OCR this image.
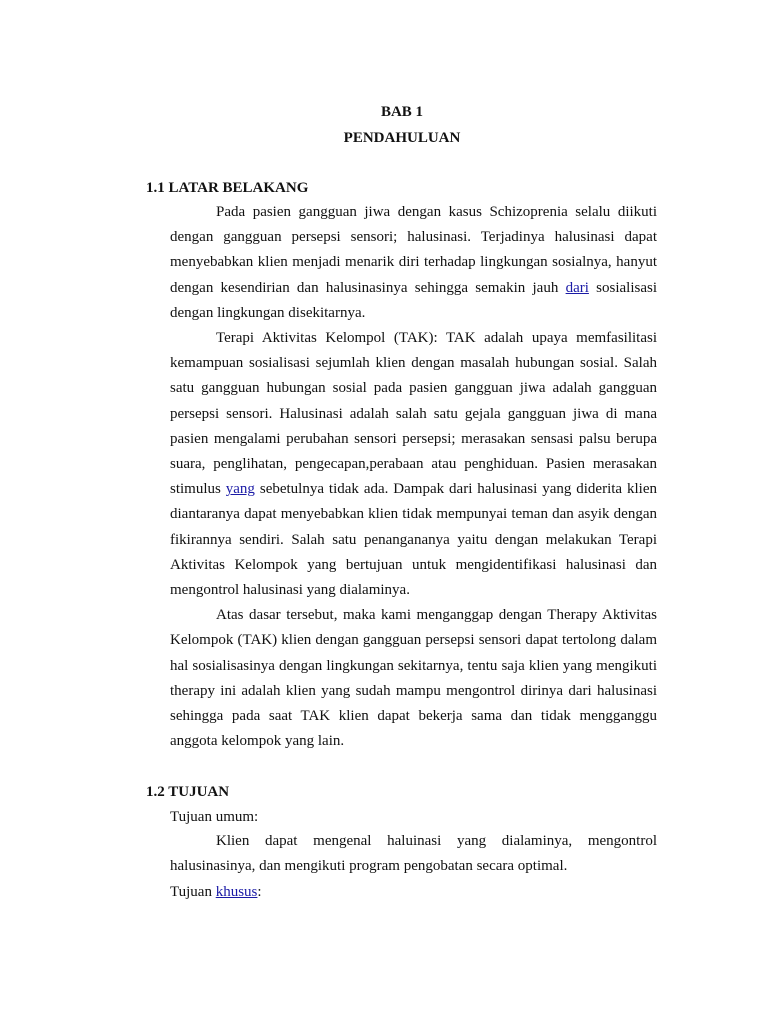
BAB 1
PENDAHULUAN
1.1 LATAR BELAKANG

Pada pasien gangguan jiwa dengan kasus Schizoprenia selalu diikuti dengan gangguan persepsi sensori; halusinasi. Terjadinya halusinasi dapat menyebabkan klien menjadi menarik diri terhadap lingkungan sosialnya, hanyut dengan kesendirian dan halusinasinya sehingga semakin jauh dari sosialisasi dengan lingkungan disekitarnya.

Terapi Aktivitas Kelompol (TAK): TAK adalah upaya memfasilitasi kemampuan sosialisasi sejumlah klien dengan masalah hubungan sosial. Salah satu gangguan hubungan sosial pada pasien gangguan jiwa adalah gangguan persepsi sensori. Halusinasi adalah salah satu gejala gangguan jiwa di mana pasien mengalami perubahan sensori persepsi; merasakan sensasi palsu berupa suara, penglihatan, pengecapan,perabaan atau penghiduan. Pasien merasakan stimulus yang sebetulnya tidak ada. Dampak dari halusinasi yang diderita klien diantaranya dapat menyebabkan klien tidak mempunyai teman dan asyik dengan fikirannya sendiri. Salah satu penangananya yaitu dengan melakukan Terapi Aktivitas Kelompok yang bertujuan untuk mengidentifikasi halusinasi dan mengontrol halusinasi yang dialaminya.

Atas dasar tersebut, maka kami menganggap dengan Therapy Aktivitas Kelompok (TAK) klien dengan gangguan persepsi sensori dapat tertolong dalam hal sosialisasinya dengan lingkungan sekitarnya, tentu saja klien yang mengikuti therapy ini adalah klien yang sudah mampu mengontrol dirinya dari halusinasi sehingga pada saat TAK klien dapat bekerja sama dan tidak mengganggu anggota kelompok yang lain.

1.2 TUJUAN
Tujuan umum:

Klien dapat mengenal haluinasi yang dialaminya, mengontrol halusinasinya, dan mengikuti program pengobatan secara optimal.

Tujuan khusus:
